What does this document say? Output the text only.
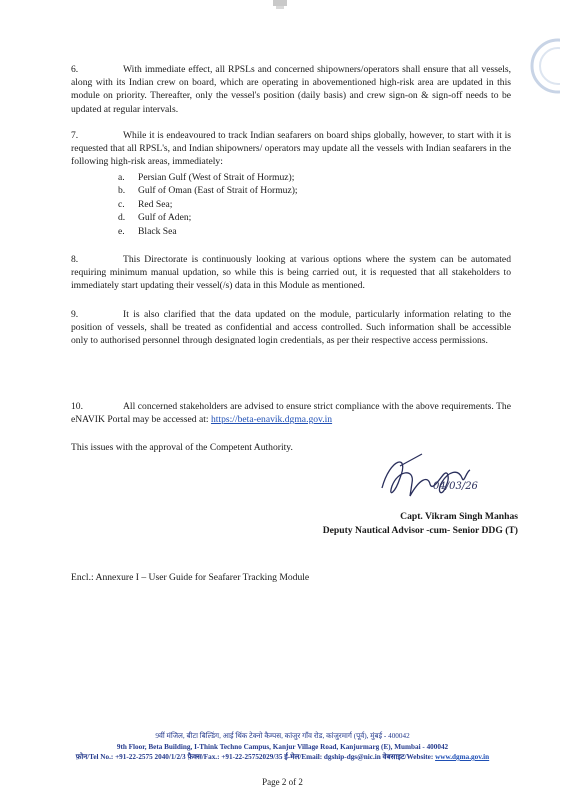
6.	With immediate effect, all RPSLs and concerned shipowners/operators shall ensure that all vessels, along with its Indian crew on board, which are operating in abovementioned high-risk area are updated in this module on priority. Thereafter, only the vessel's position (daily basis) and crew sign-on & sign-off needs to be updated at regular intervals.
7.	While it is endeavoured to track Indian seafarers on board ships globally, however, to start with it is requested that all RPSL's, and Indian shipowners/ operators may update all the vessels with Indian seafarers in the following high-risk areas, immediately:
a.	Persian Gulf (West of Strait of Hormuz);
b.	Gulf of Oman (East of Strait of Hormuz);
c.	Red Sea;
d.	Gulf of Aden;
e.	Black Sea
8.	This Directorate is continuously looking at various options where the system can be automated requiring minimum manual updation, so while this is being carried out, it is requested that all stakeholders to immediately start updating their vessel(/s) data in this Module as mentioned.
9.	It is also clarified that the data updated on the module, particularly information relating to the position of vessels, shall be treated as confidential and access controlled. Such information shall be accessible only to authorised personnel through designated login credentials, as per their respective access permissions.
10.	All concerned stakeholders are advised to ensure strict compliance with the above requirements. The eNAVIK Portal may be accessed at: https://beta-enavik.dgma.gov.in
This issues with the approval of the Competent Authority.
04/03/26
Capt. Vikram Singh Manhas
Deputy Nautical Advisor -cum- Senior DDG (T)
Encl.: Annexure I – User Guide for Seafarer Tracking Module
9वीं मंजिल, बीटा बिल्डिंग, आई थिंक टेक्नो कैम्पस, कांजुर गाँव रोड, कांजुरमार्ग (पूर्व), मुंबई - 400042
9th Floor, Beta Building, I-Think Techno Campus, Kanjur Village Road, Kanjurmarg (E), Mumbai - 400042
फ़ोन/Tel No.: +91-22-2575 2040/1/2/3 फ़ैक्स/Fax.: +91-22-25752029/35 ई-मेल/Email: dgship-dgs@nic.in वेबसाइट/Website: www.dgma.gov.in
Page 2 of 2
